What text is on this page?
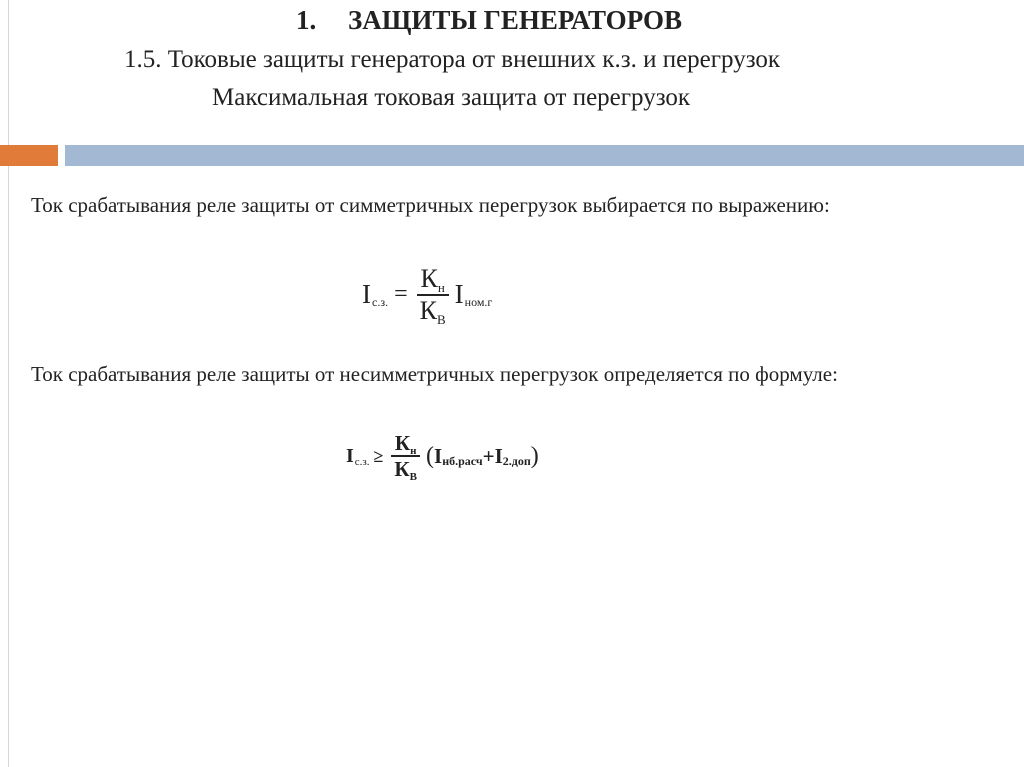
1. ЗАЩИТЫ ГЕНЕРАТОРОВ
1.5. Токовые защиты генератора от внешних к.з. и перегрузок
Максимальная токовая защита от перегрузок
Ток срабатывания реле защиты от симметричных перегрузок выбирается по выражению:
I с.з. = $\frac{Кн}{КВ}$ I ном.г
Ток срабатывания реле защиты от несимметричных перегрузок определяется по формуле:
I с.з. ≥ $\frac{Кн}{КВ}$ ( I нб.расч + I 2.доп )
